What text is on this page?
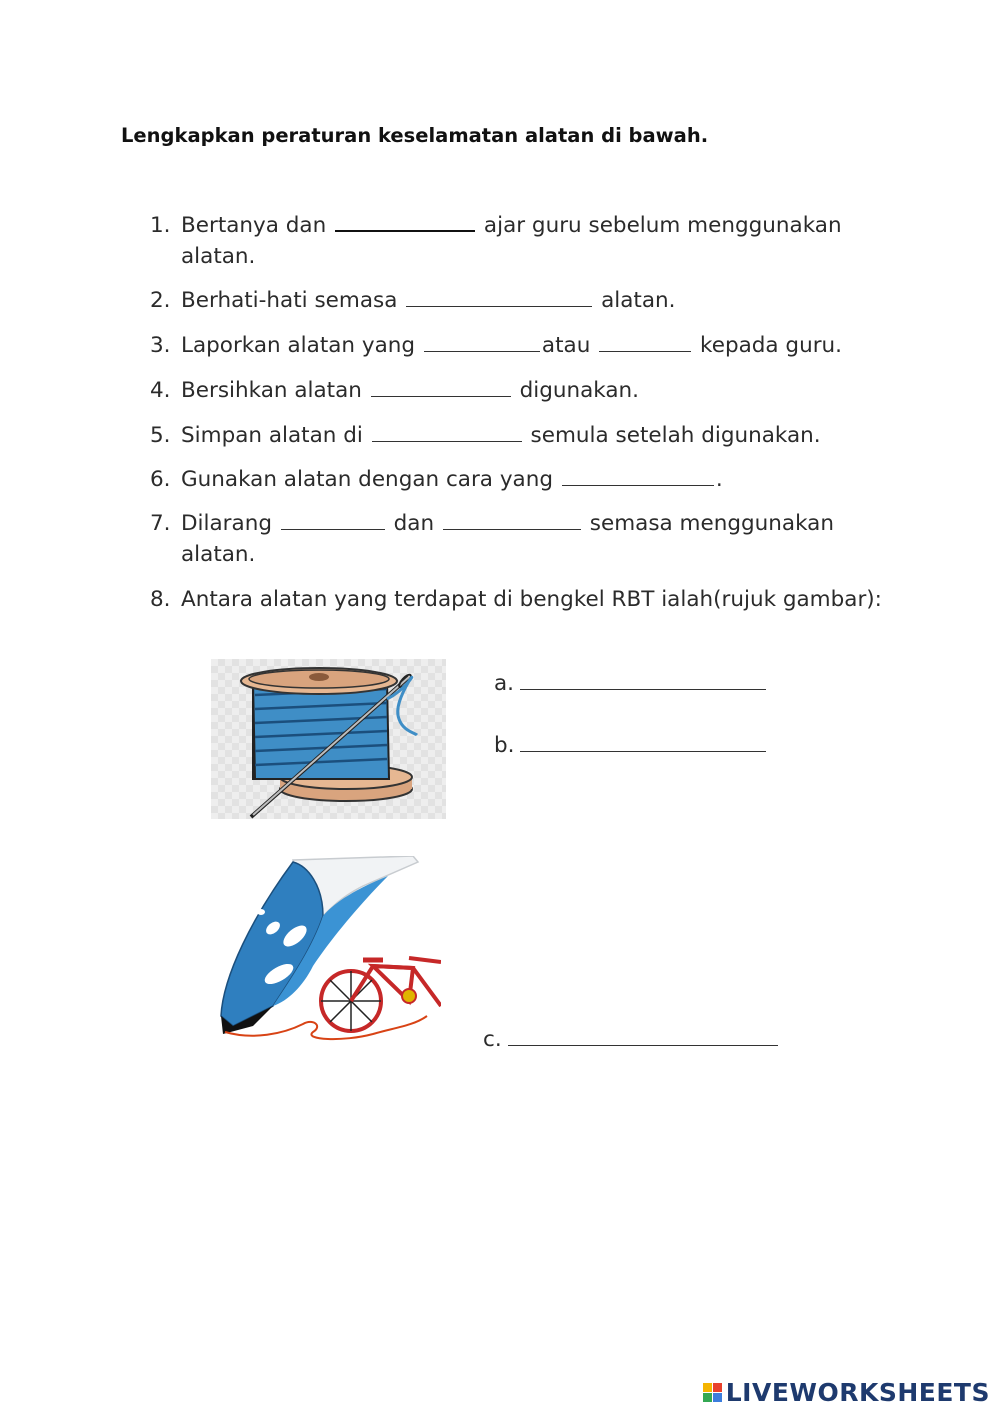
Lengkapkan peraturan keselamatan alatan di bawah.
1. Bertanya dan	ajar guru sebelum menggunakan alatan.
2. Berhati-hati semasa	alatan.
3. Laporkan alatan yang	atau	kepada guru.
4. Bersihkan alatan	digunakan.
5. Simpan alatan di	semula setelah digunakan.
6. Gunakan alatan dengan cara yang	.
7. Dilarang	dan	semasa menggunakan alatan.
8. Antara alatan yang terdapat di bengkel RBT ialah(rujuk gambar):
a.
b.
c.
LIVEWORKSHEETS
